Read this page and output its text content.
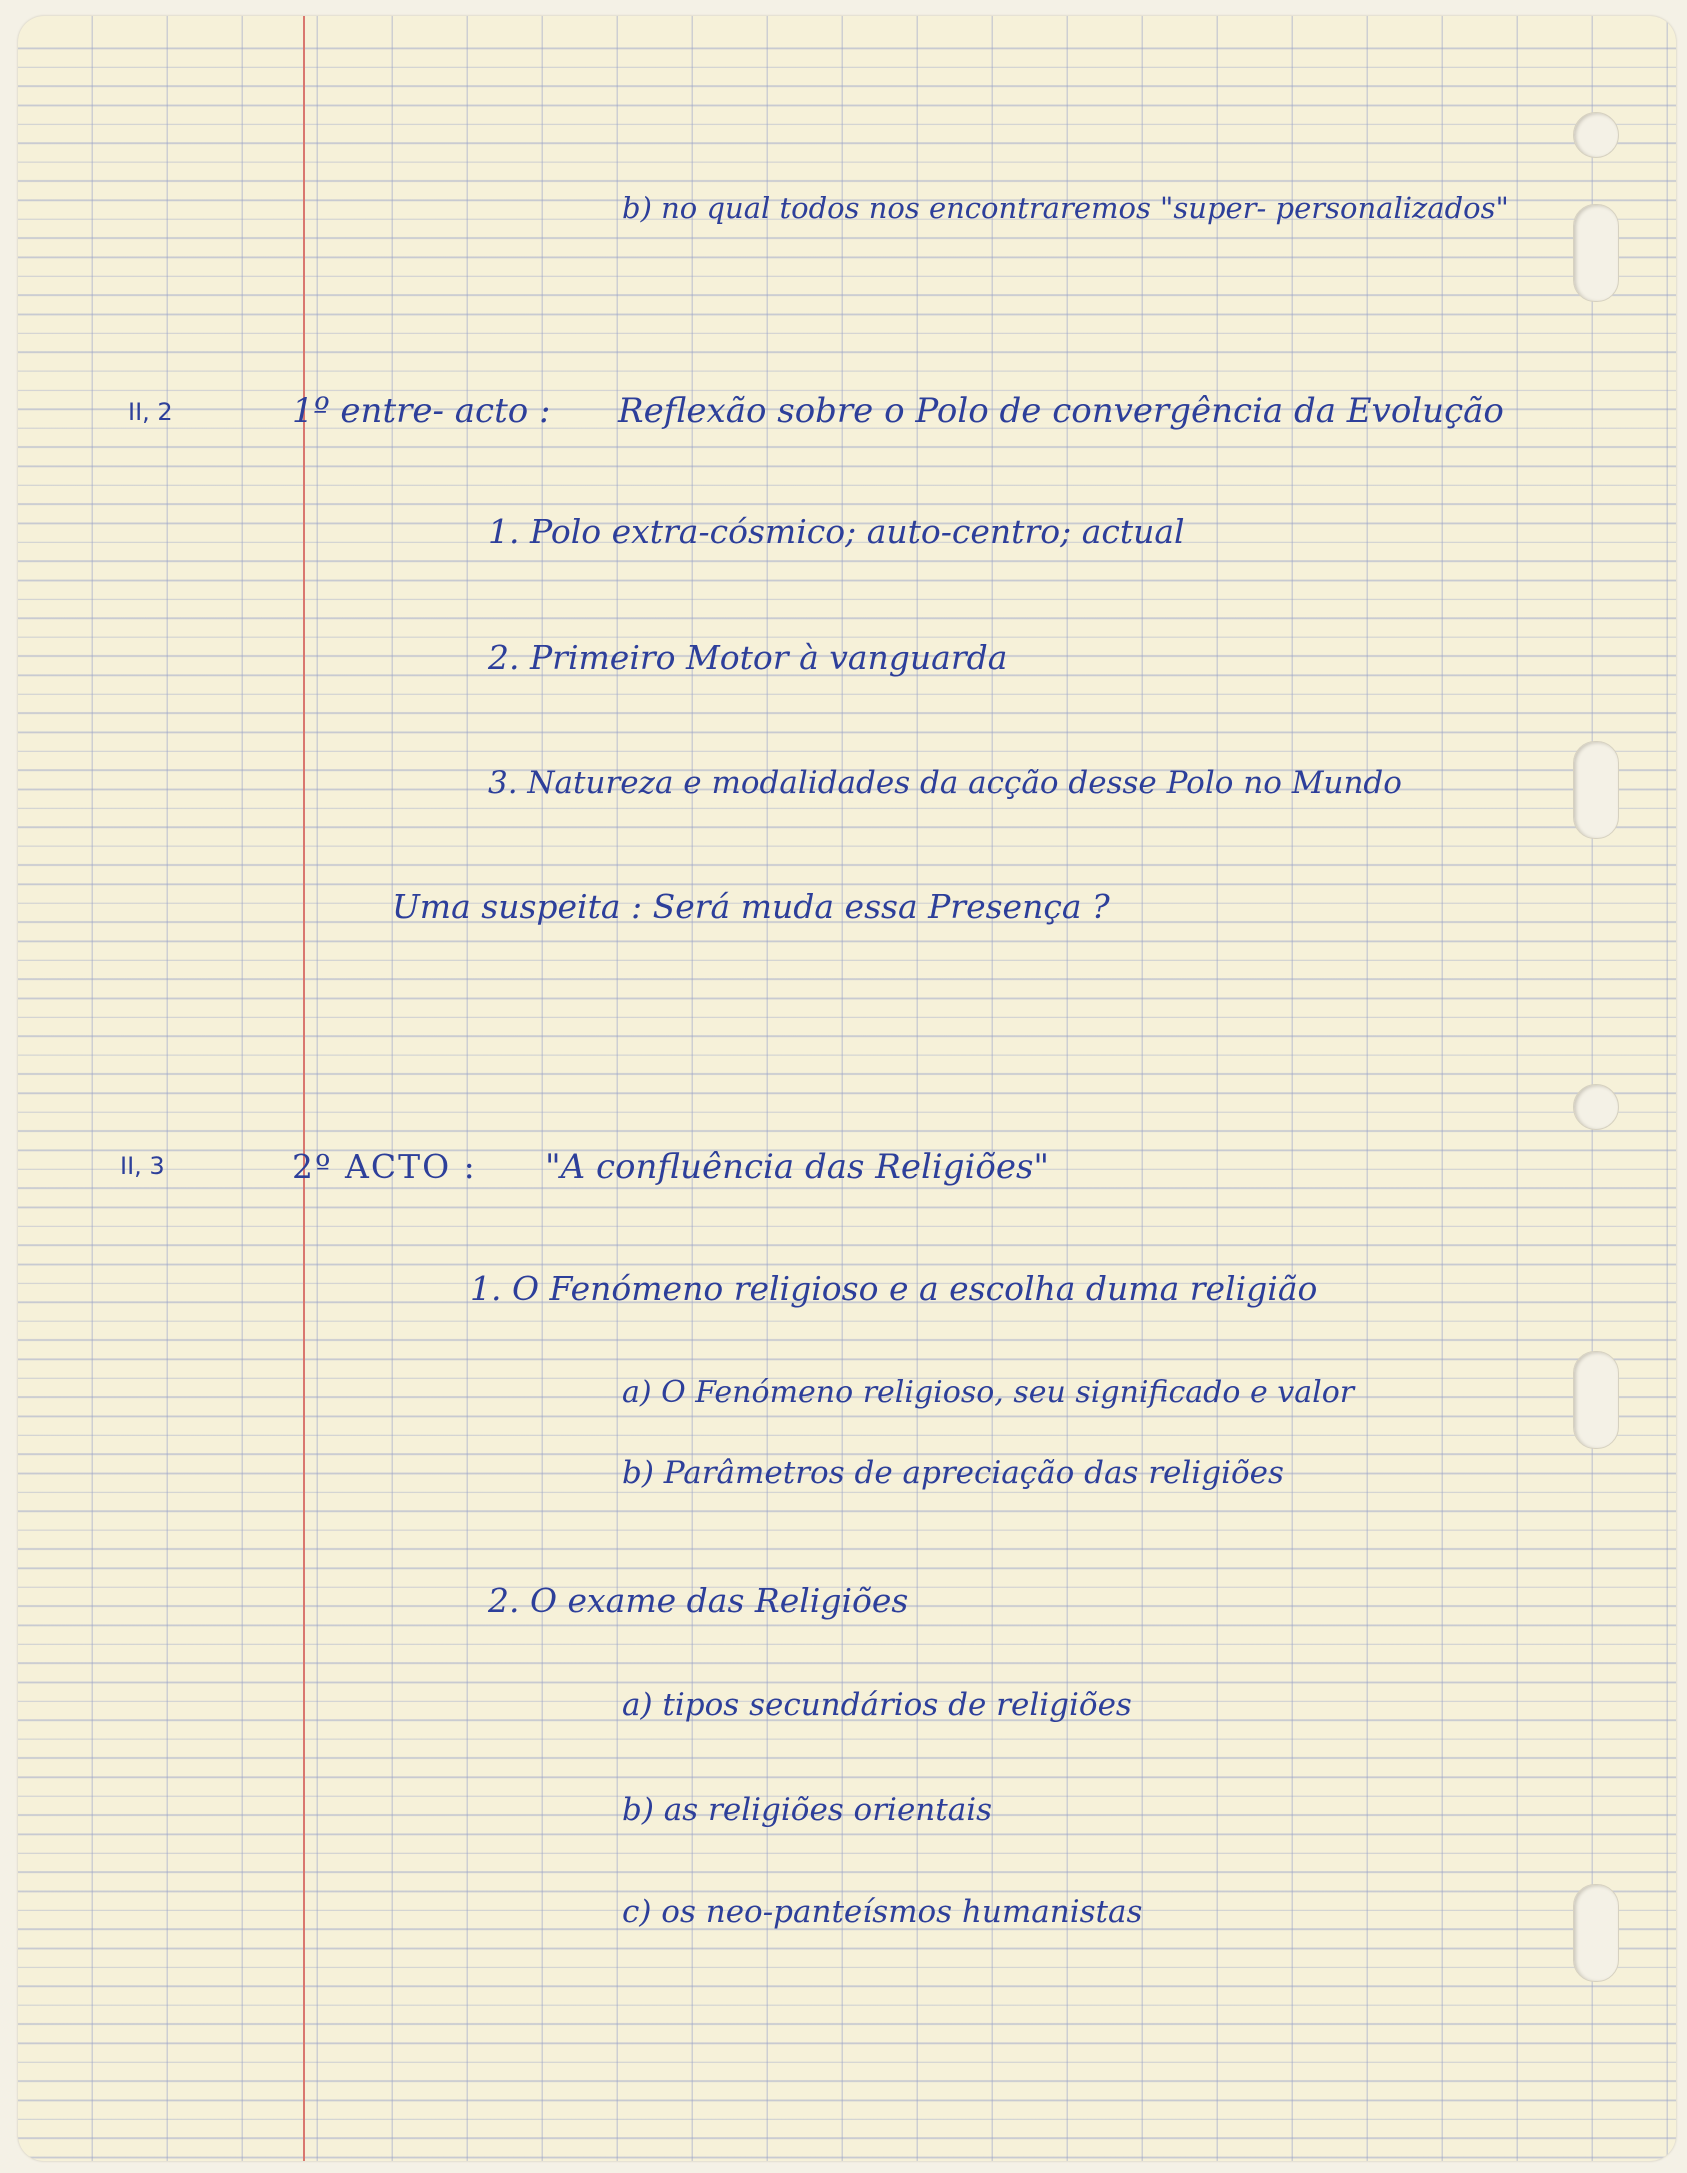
b) no qual todos nos encontraremos "super- personalizados"
II, 2	1º entre- acto : Reflexão sobre o Polo de convergência da Evolução
1. Polo extra-cósmico; auto-centro; actual
2. Primeiro Motor à vanguarda
3. Natureza e modalidades da acção desse Polo no Mundo
Uma suspeita : Será muda essa Presença ?
II, 3	2º ACTO : "A confluência das Religiões"
1. O Fenómeno religioso e a escolha duma religião
a) O Fenómeno religioso, seu significado e valor
b) Parâmetros de apreciação das religiões
2. O exame das Religiões
a) tipos secundários de religiões
b) as religiões orientais
c) os neo-panteísmos humanistas
